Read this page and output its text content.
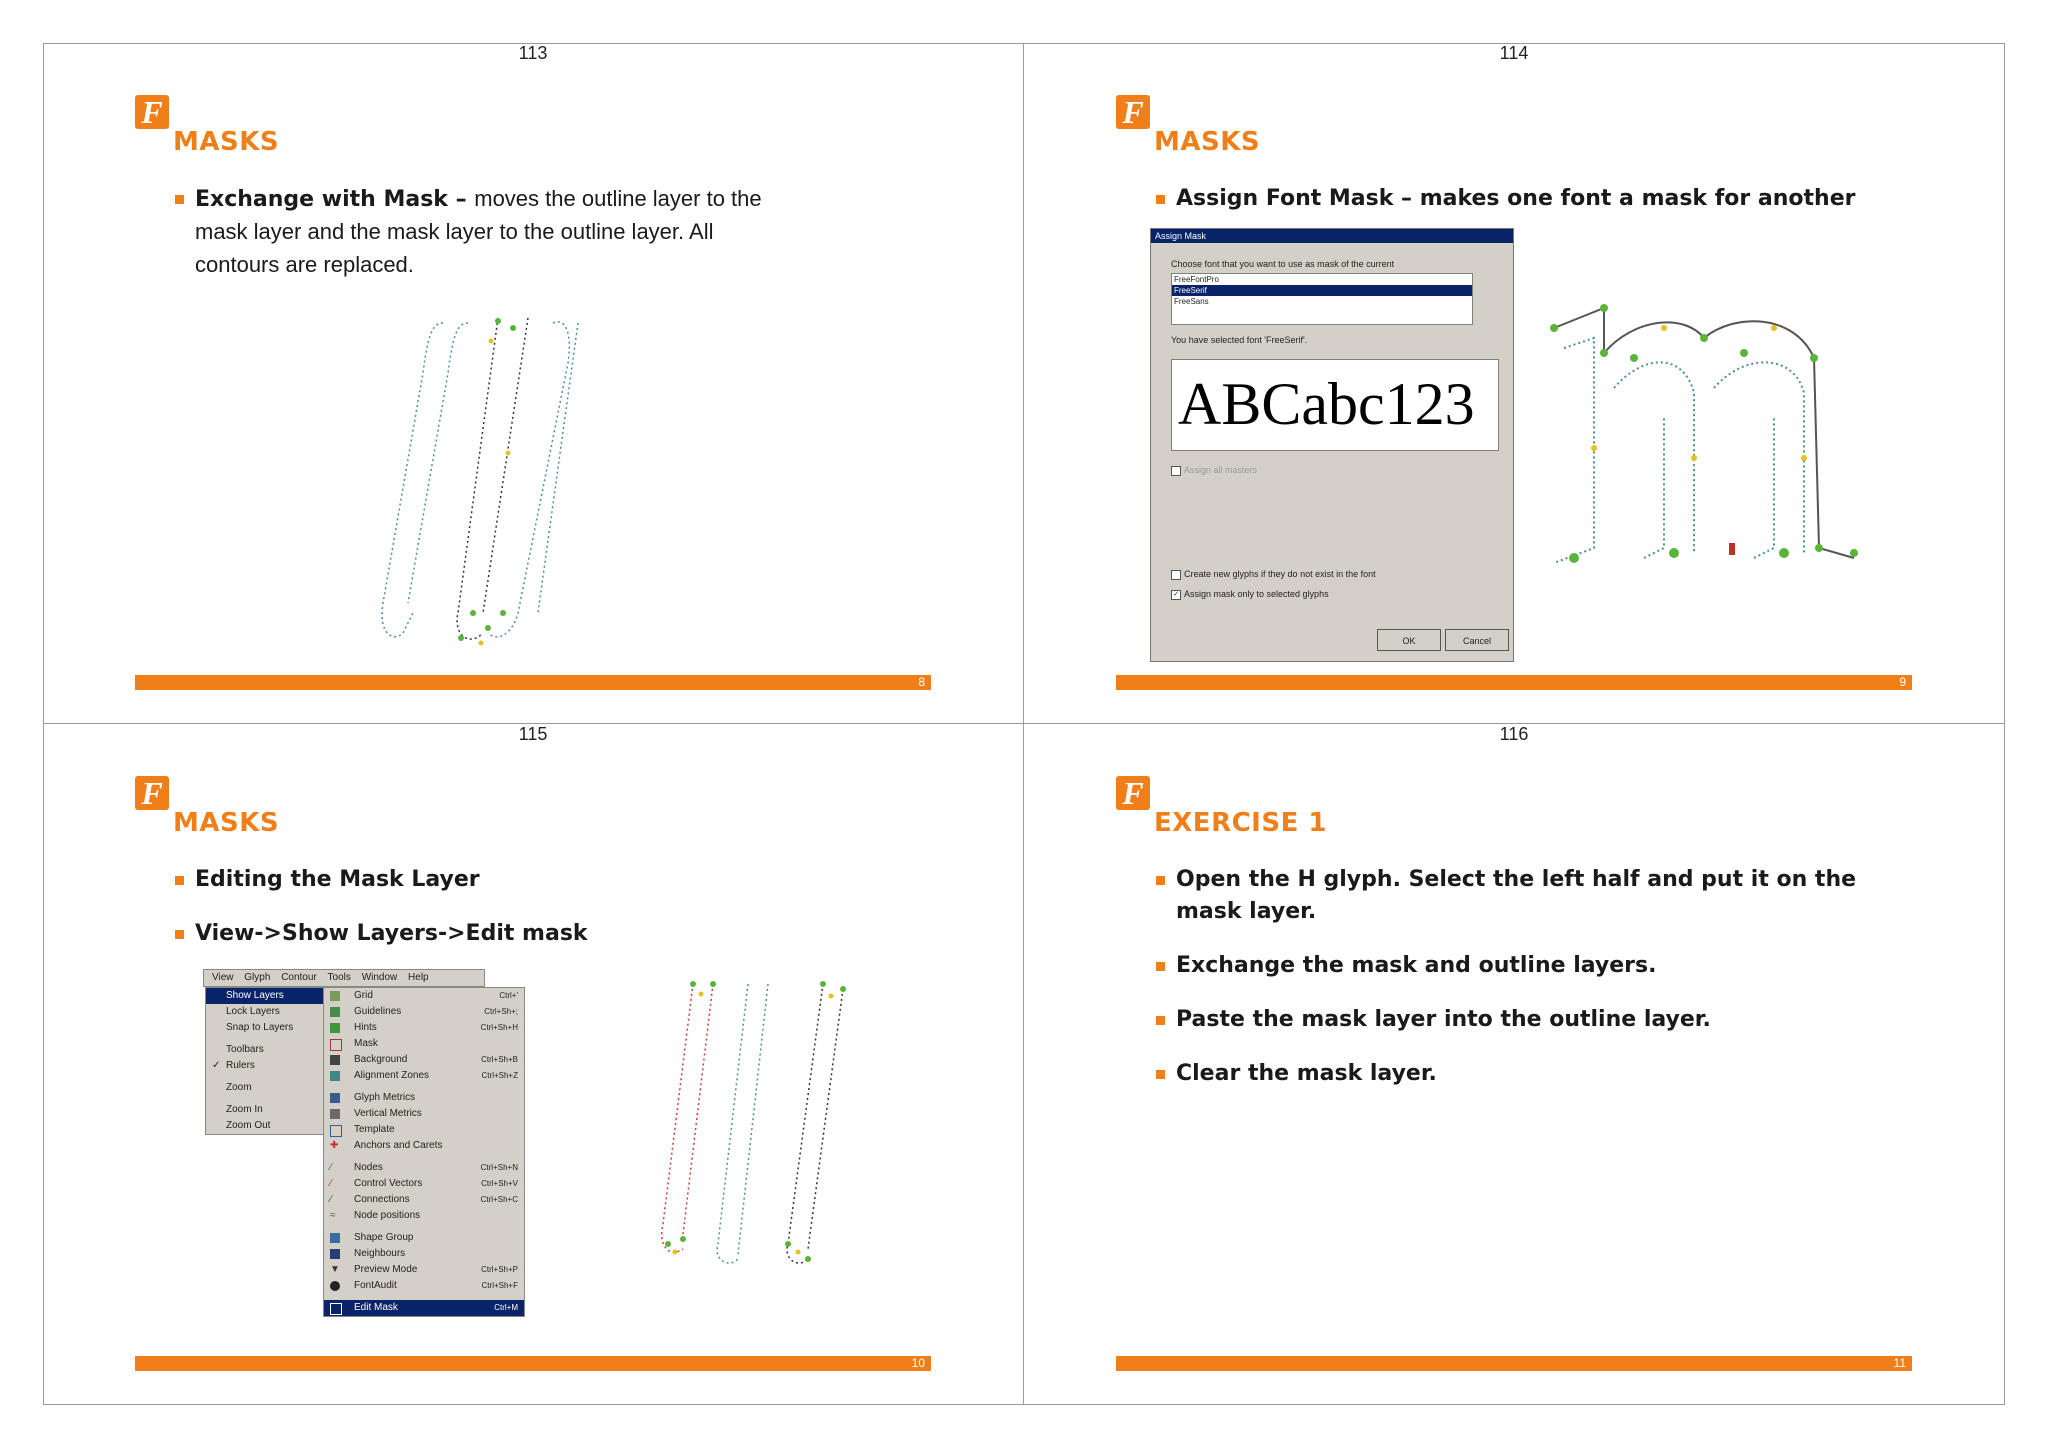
113
F
MASKS
Exchange with Mask – moves the outline layer to the mask layer and the mask layer to the outline layer. All contours are replaced.
8
114
F
MASKS
Assign Font Mask – makes one font a mask for another
Assign Mask
Choose font that you want to use as mask of the current
FreeFontPro
FreeSerif
FreeSans
You have selected font 'FreeSerif'.
ABCabc123
Assign all masters
Create new glyphs if they do not exist in the font
✓ Assign mask only to selected glyphs
OK	Cancel
9
115
F
MASKS
Editing the Mask Layer
View->Show Layers->Edit mask
View Glyph Contour Tools Window Help
Show Layers
Lock Layers
Snap to Layers
Toolbars
✓ Rulers
Zoom
Zoom In
Zoom Out
Grid	Ctrl+'
Guidelines	Ctrl+Sh+;
Hints	Ctrl+Sh+H
Mask
Background	Ctrl+Sh+B
Alignment Zones	Ctrl+Sh+Z
Glyph Metrics
Vertical Metrics
Template
✚ Anchors and Carets
⁄	Nodes	Ctrl+Sh+N
⁄	Control Vectors	Ctrl+Sh+V
⁄	Connections	Ctrl+Sh+C
≈	Node positions
Shape Group
Neighbours
▼ Preview Mode	Ctrl+Sh+P
FontAudit	Ctrl+Sh+F
Edit Mask	Ctrl+M
10
116
F
EXERCISE 1
Open the H glyph. Select the left half and put it on the mask layer.
Exchange the mask and outline layers.
Paste the mask layer into the outline layer.
Clear the mask layer.
11
